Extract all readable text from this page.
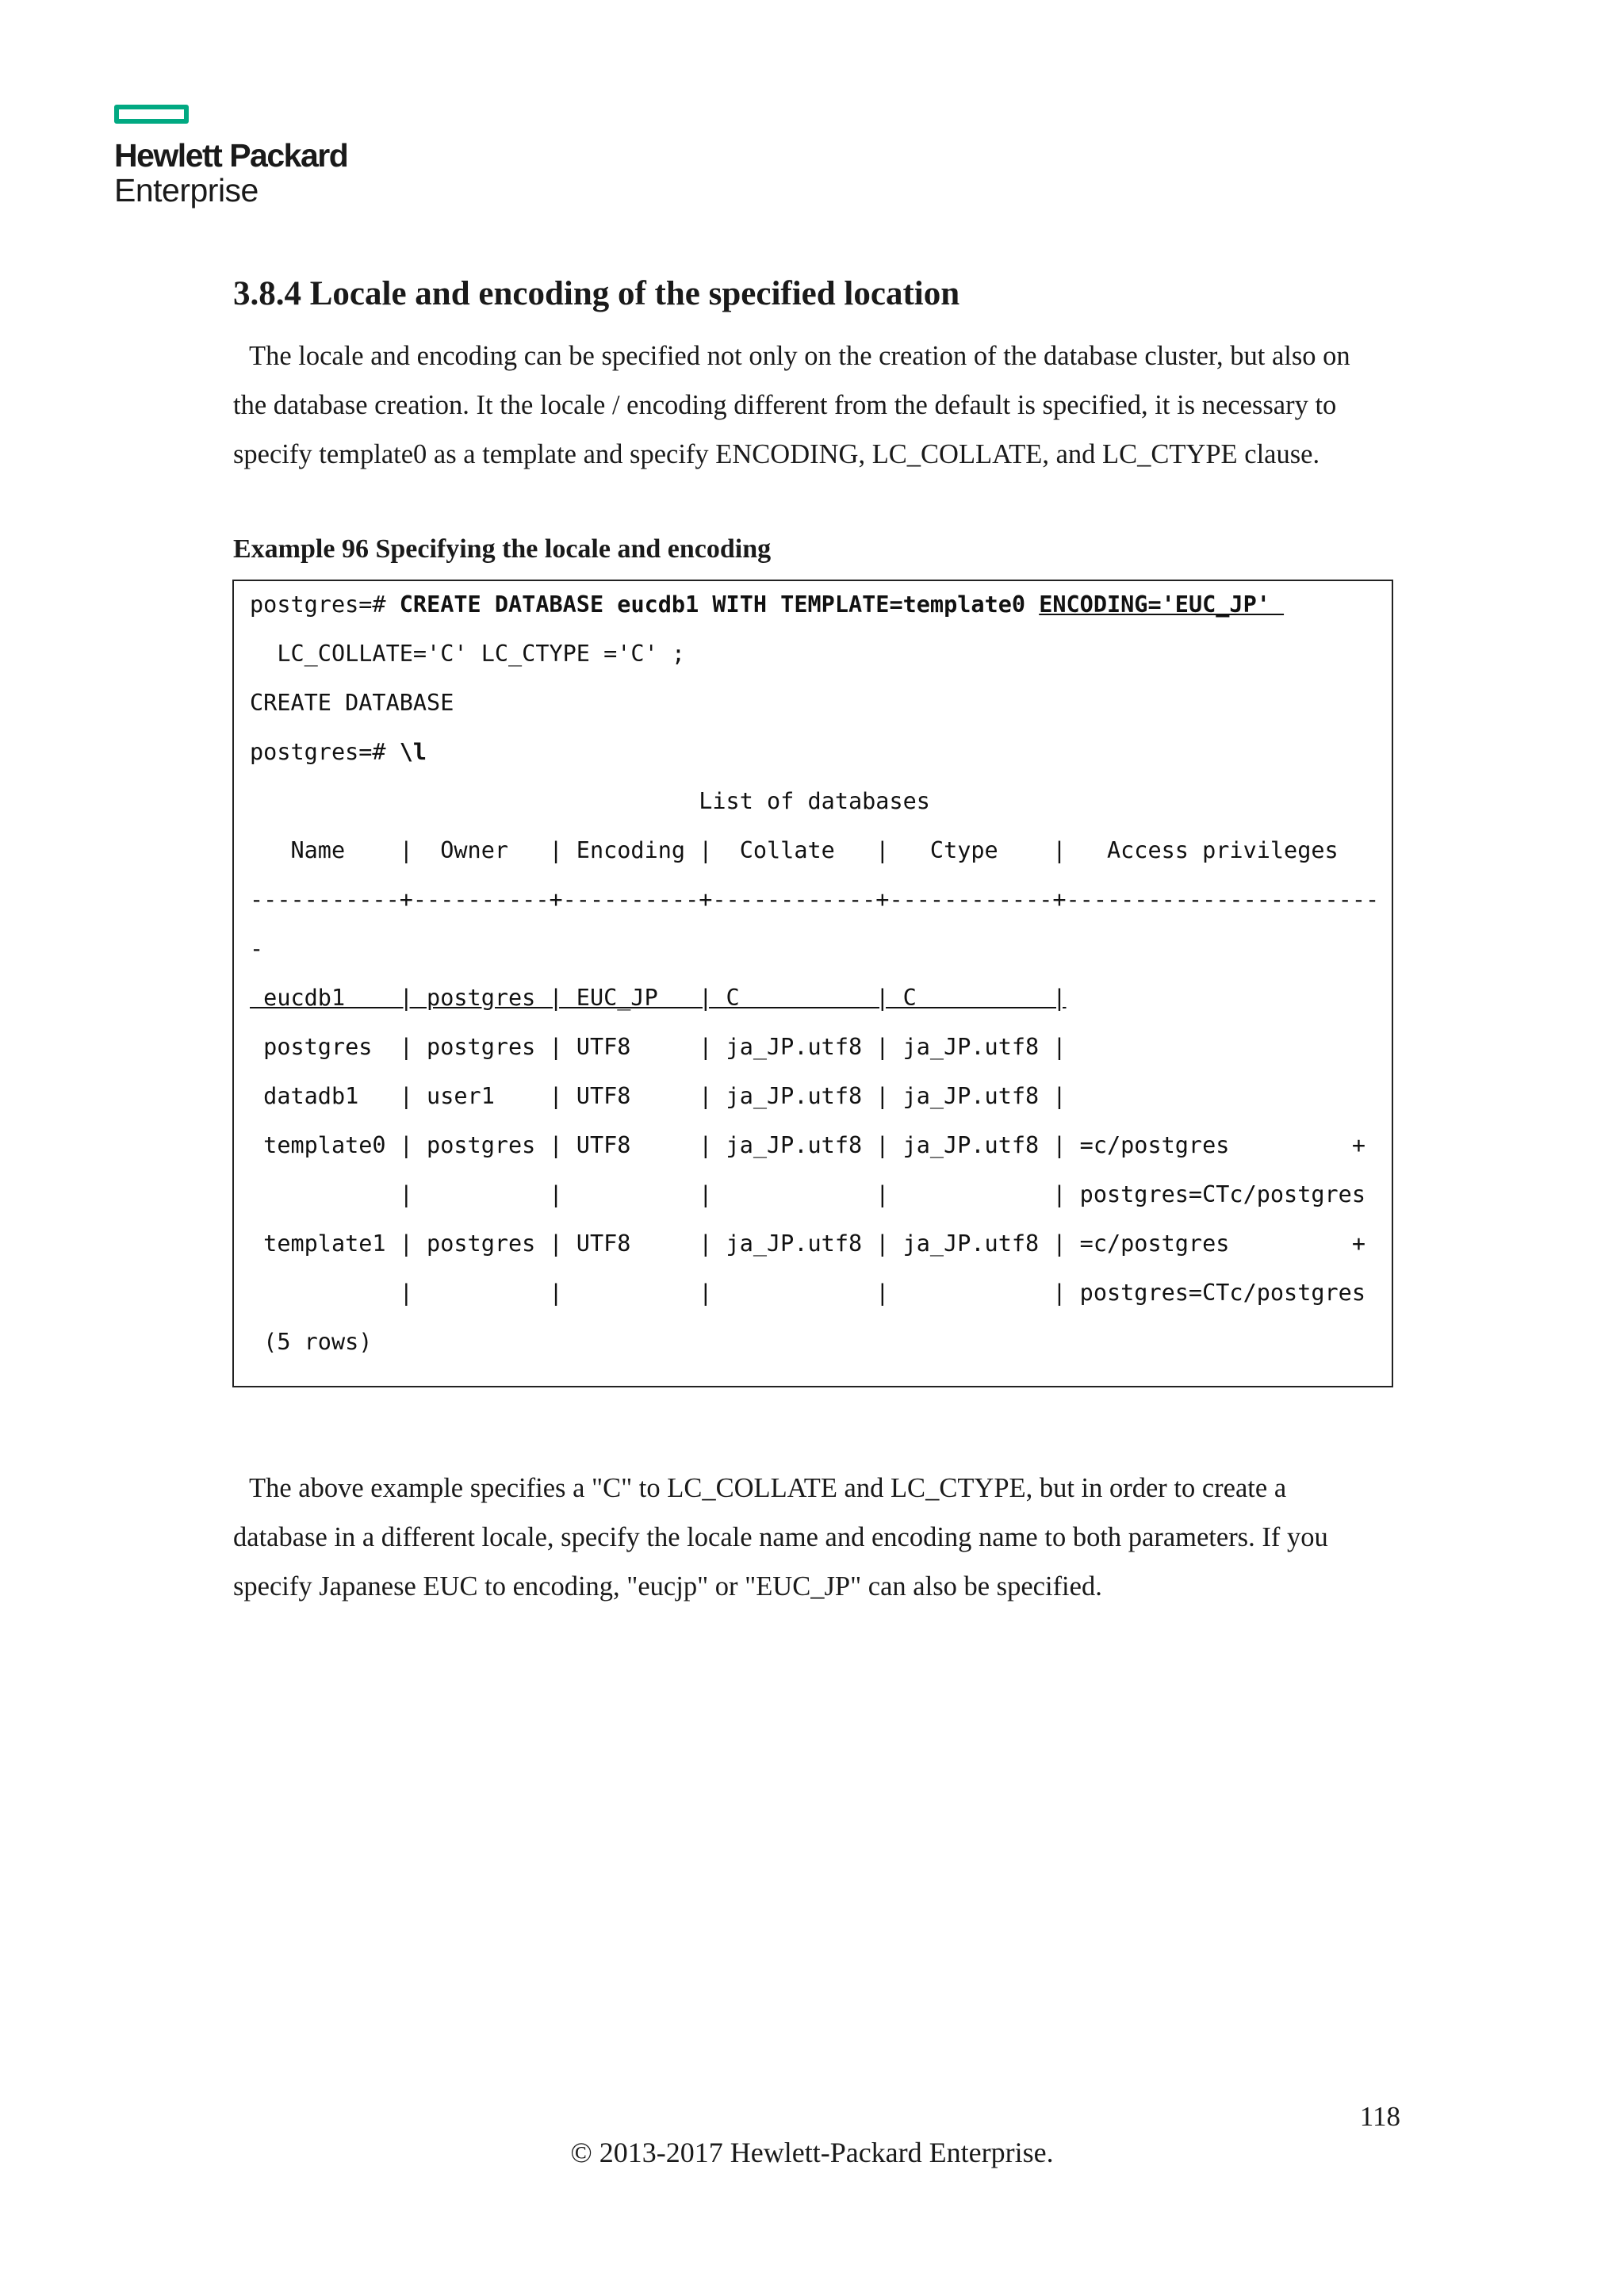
Hewlett Packard
Enterprise
3.8.4 Locale and encoding of the specified location

The locale and encoding can be specified not only on the creation of the database cluster, but also on
the database creation. It the locale / encoding different from the default is specified, it is necessary to
specify template0 as a template and specify ENCODING, LC_COLLATE, and LC_CTYPE clause.

Example 96 Specifying the locale and encoding

postgres=# CREATE DATABASE eucdb1 WITH TEMPLATE=template0 ENCODING='EUC_JP'
LC_COLLATE='C' LC_CTYPE ='C' ;
CREATE DATABASE
postgres=# \l
List of databases
Name    |  Owner   | Encoding |  Collate   |   Ctype    |   Access privileges
-----------+----------+----------+------------+------------+-----------------------
-
eucdb1    | postgres | EUC_JP   | C          | C          |
postgres  | postgres | UTF8     | ja_JP.utf8 | ja_JP.utf8 |
datadb1   | user1    | UTF8     | ja_JP.utf8 | ja_JP.utf8 |
template0 | postgres | UTF8     | ja_JP.utf8 | ja_JP.utf8 | =c/postgres         +
|          |          |            |            | postgres=CTc/postgres
template1 | postgres | UTF8     | ja_JP.utf8 | ja_JP.utf8 | =c/postgres         +
|          |          |            |            | postgres=CTc/postgres
(5 rows)

The above example specifies a "C" to LC_COLLATE and LC_CTYPE, but in order to create a
database in a different locale, specify the locale name and encoding name to both parameters. If you
specify Japanese EUC to encoding, "eucjp" or "EUC_JP" can also be specified.

118

© 2013-2017 Hewlett-Packard Enterprise.
